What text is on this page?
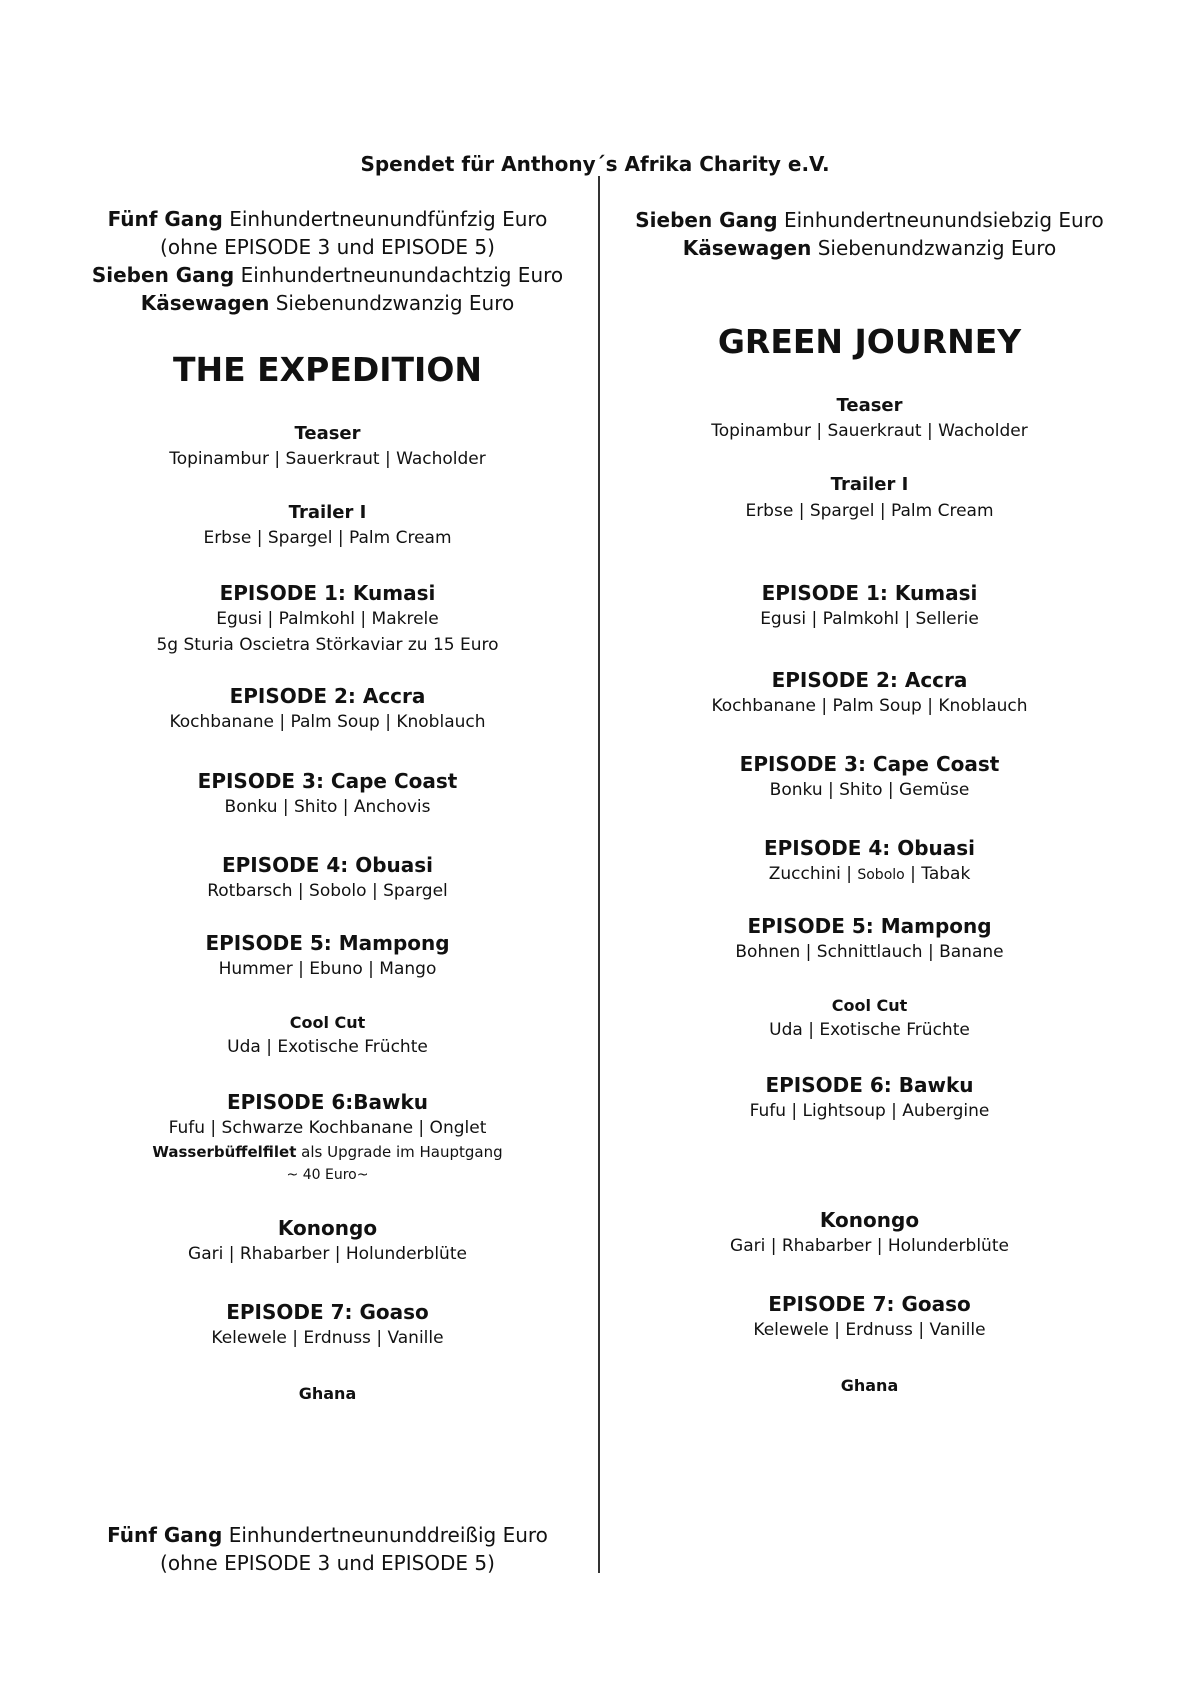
Spendet für Anthony´s Afrika Charity e.V.
Fünf Gang Einhundertneunundfünfzig Euro
(ohne EPISODE 3 und EPISODE 5)
Sieben Gang Einhundertneunundachtzig Euro
Käsewagen Siebenundzwanzig Euro
THE EXPEDITION
Teaser
Topinambur | Sauerkraut | Wacholder
Trailer I
Erbse | Spargel | Palm Cream
EPISODE 1: Kumasi
Egusi | Palmkohl | Makrele
5g Sturia Oscietra Störkaviar zu 15 Euro
EPISODE 2: Accra
Kochbanane | Palm Soup | Knoblauch
EPISODE 3: Cape Coast
Bonku | Shito | Anchovis
EPISODE 4: Obuasi
Rotbarsch | Sobolo | Spargel
EPISODE 5: Mampong
Hummer | Ebuno | Mango
Cool Cut
Uda | Exotische Früchte
EPISODE 6:Bawku
Fufu | Schwarze Kochbanane | Onglet
Wasserbüffelfilet als Upgrade im Hauptgang
~ 40 Euro~
Konongo
Gari | Rhabarber | Holunderblüte
EPISODE 7: Goaso
Kelewele | Erdnuss | Vanille
Ghana
Fünf Gang Einhundertneununddreißig Euro
(ohne EPISODE 3 und EPISODE 5)
Sieben Gang Einhundertneunundsiebzig Euro
Käsewagen Siebenundzwanzig Euro
GREEN JOURNEY
Teaser
Topinambur | Sauerkraut | Wacholder
Trailer I
Erbse | Spargel | Palm Cream
EPISODE 1: Kumasi
Egusi | Palmkohl | Sellerie
EPISODE 2: Accra
Kochbanane | Palm Soup | Knoblauch
EPISODE 3: Cape Coast
Bonku | Shito | Gemüse
EPISODE 4: Obuasi
Zucchini | Sobolo | Tabak
EPISODE 5: Mampong
Bohnen | Schnittlauch | Banane
Cool Cut
Uda | Exotische Früchte
EPISODE 6: Bawku
Fufu | Lightsoup | Aubergine
Konongo
Gari | Rhabarber | Holunderblüte
EPISODE 7: Goaso
Kelewele | Erdnuss | Vanille
Ghana
